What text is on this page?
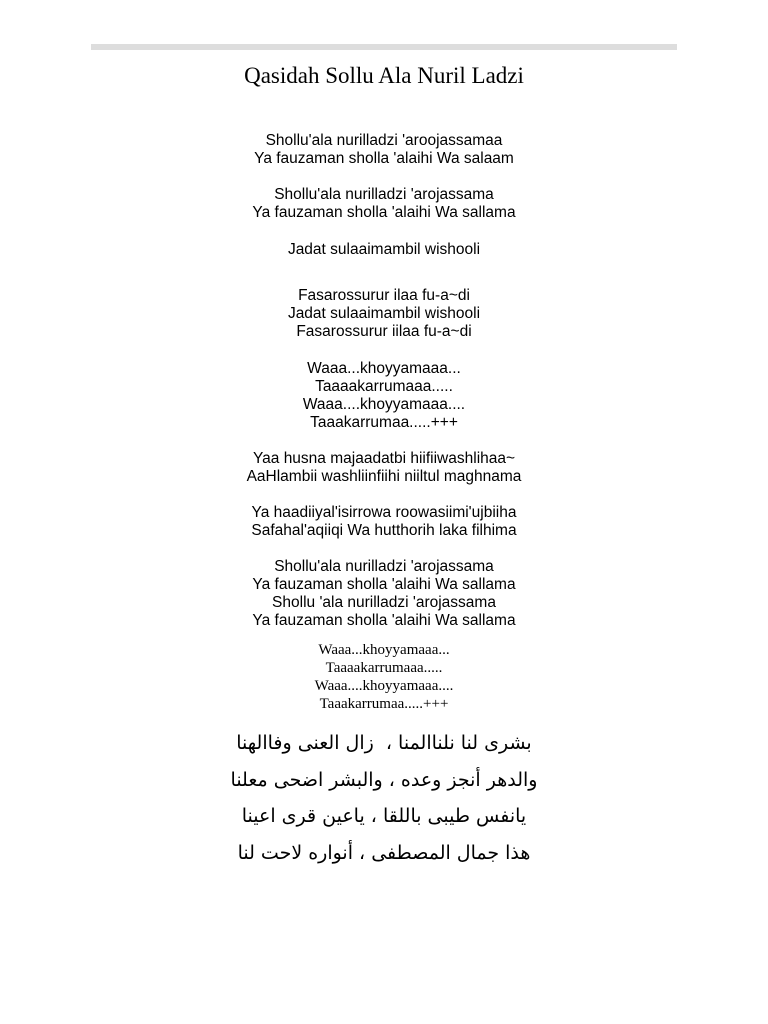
Qasidah Sollu Ala Nuril Ladzi
Shollu'ala nurilladzi 'aroojassamaa
Ya fauzaman sholla 'alaihi Wa salaam
Shollu'ala nurilladzi 'arojassama
Ya fauzaman sholla 'alaihi Wa sallama
Jadat sulaaimambil wishooli
Fasarossurur ilaa fu-a~di
Jadat sulaaimambil wishooli
Fasarossurur iilaa fu-a~di
Waaa...khoyyamaaa...
Taaaakarrumaaa.....
Waaa....khoyyamaaa....
Taaakarrumaa.....+++
Yaa husna majaadatbi hiifiiwashlihaa~
AaHlambii washliinfiihi niiltul maghnama
Ya haadiiyal'isirrowa roowasiimi'ujbiiha
Safahal'aqiiqi Wa hutthorih laka filhima
Shollu'ala nurilladzi 'arojassama
Ya fauzaman sholla 'alaihi Wa sallama
Shollu 'ala nurilladzi 'arojassama
Ya fauzaman sholla 'alaihi Wa sallama
Waaa...khoyyamaaa...
Taaaakarrumaaa.....
Waaa....khoyyamaaa....
Taaakarrumaa.....+++
بشرى لنا نلناالمنا ،  زال العنى وفاالهنا
والدهر أنجز وعده ، والبشر اضحى معلنا
يانفس طيبى باللقا ، ياعين قرى اعينا
هذا جمال المصطفى ، أنواره لاحت لنا
